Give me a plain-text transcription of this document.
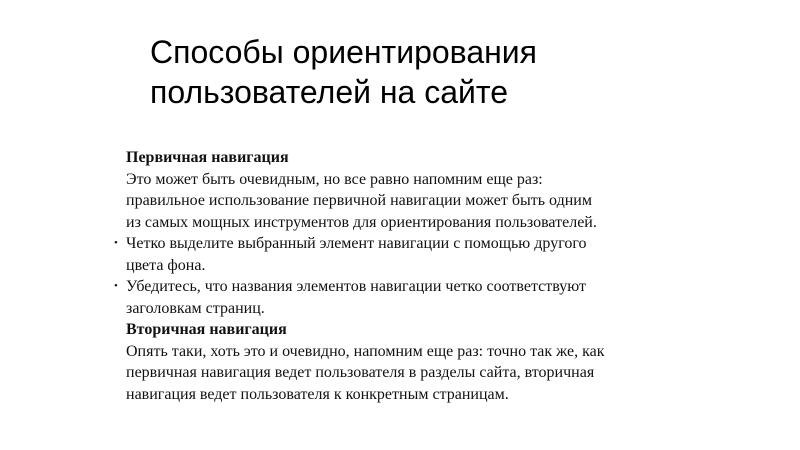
Способы ориентирования
пользователей на сайте
Первичная навигация
Это может быть очевидным, но все равно напомним еще раз:
правильное использование первичной навигации может быть одним
из самых мощных инструментов для ориентирования пользователей.
• Четко выделите выбранный элемент навигации с помощью другого
цвета фона.
• Убедитесь, что названия элементов навигации четко соответствуют
заголовкам страниц.
Вторичная навигация
Опять таки, хоть это и очевидно, напомним еще раз: точно так же, как
первичная навигация ведет пользователя в разделы сайта, вторичная
навигация ведет пользователя к конкретным страницам.
